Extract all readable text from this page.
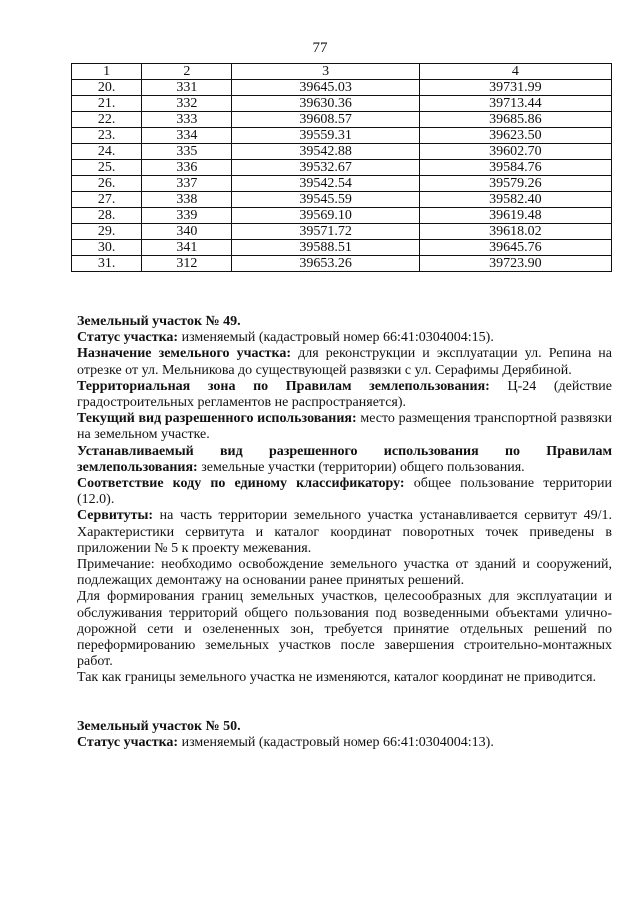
77
1	2	3	4
20.	331	39645.03	39731.99
21.	332	39630.36	39713.44
22.	333	39608.57	39685.86
23.	334	39559.31	39623.50
24.	335	39542.88	39602.70
25.	336	39532.67	39584.76
26.	337	39542.54	39579.26
27.	338	39545.59	39582.40
28.	339	39569.10	39619.48
29.	340	39571.72	39618.02
30.	341	39588.51	39645.76
31.	312	39653.26	39723.90

Земельный участок № 49.

Статус участка: изменяемый (кадастровый номер 66:41:0304004:15).

Назначение земельного участка: для реконструкции и эксплуатации ул. Репина на отрезке от ул. Мельникова до существующей развязки с ул. Серафимы Дерябиной.

Территориальная зона по Правилам землепользования: Ц-24 (действие градостроительных регламентов не распространяется).

Текущий вид разрешенного использования: место размещения транспортной развязки на земельном участке.

Устанавливаемый вид разрешенного использования по Правилам землепользования: земельные участки (территории) общего пользования.

Соответствие коду по единому классификатору: общее пользование территории (12.0).

Сервитуты: на часть территории земельного участка устанавливается сервитут 49/1. Характеристики сервитута и каталог координат поворотных точек приведены в приложении № 5 к проекту межевания.

Примечание: необходимо освобождение земельного участка от зданий и сооружений, подлежащих демонтажу на основании ранее принятых решений.

Для формирования границ земельных участков, целесообразных для эксплуатации и обслуживания территорий общего пользования под возведенными объектами улично-дорожной сети и озелененных зон, требуется принятие отдельных решений по переформированию земельных участков после завершения строительно-монтажных работ.

Так как границы земельного участка не изменяются, каталог координат не приводится.

Земельный участок № 50.

Статус участка: изменяемый (кадастровый номер 66:41:0304004:13).
